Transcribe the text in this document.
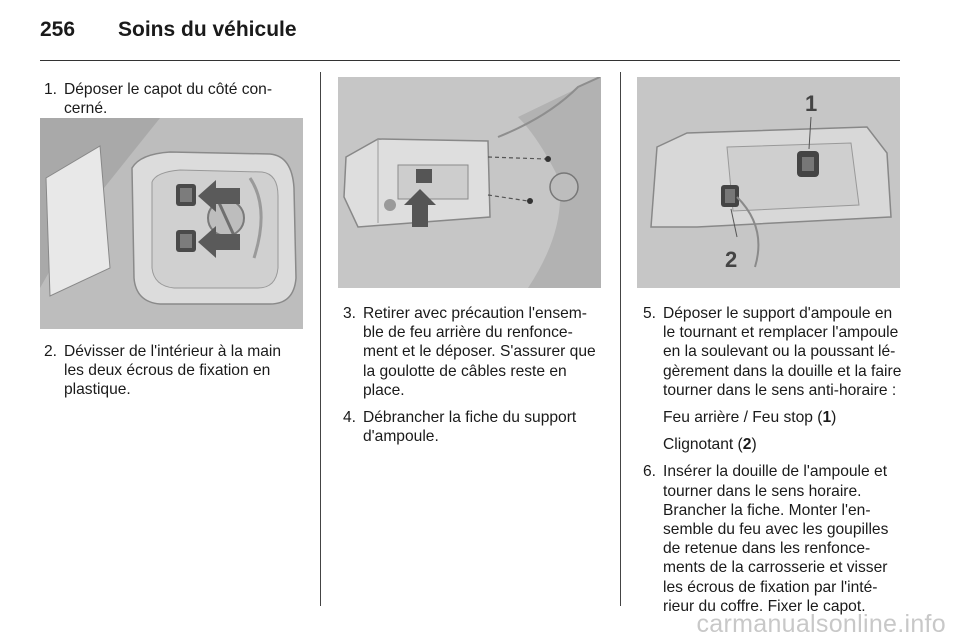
256	Soins du véhicule
1. Déposer le capot du côté con-cerné.
2. Dévisser de l'intérieur à la main les deux écrous de fixation en plastique.
3. Retirer avec précaution l'ensem-ble de feu arrière du renfonce-ment et le déposer. S'assurer que la goulotte de câbles reste en place.
4. Débrancher la fiche du support d'ampoule.
1
2
5. Déposer le support d'ampoule en le tournant et remplacer l'ampoule en la soulevant ou la poussant lé-gèrement dans la douille et la faire tourner dans le sens anti-horaire :
Feu arrière / Feu stop (1)
Clignotant (2)
6. Insérer la douille de l'ampoule et tourner dans le sens horaire. Brancher la fiche. Monter l'en-semble du feu avec les goupilles de retenue dans les renfonce-ments de la carrosserie et visser les écrous de fixation par l'inté-rieur du coffre. Fixer le capot.
carmanualsonline.info
